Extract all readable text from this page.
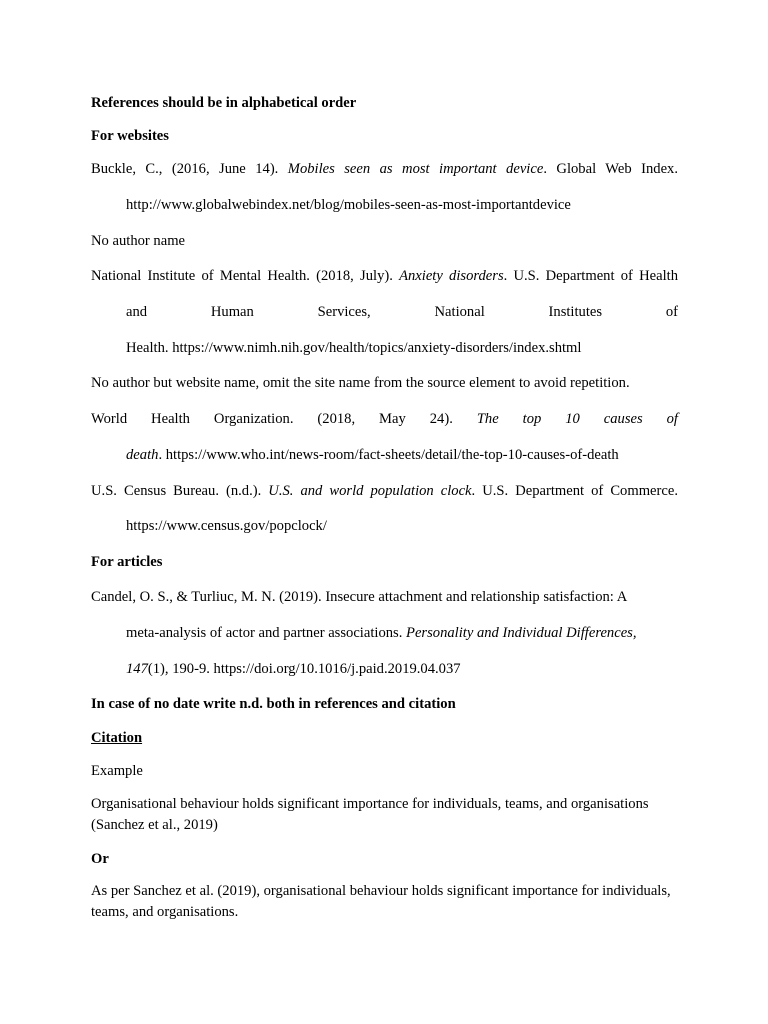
References should be in alphabetical order
For websites
Buckle, C., (2016, June 14). Mobiles seen as most important device. Global Web Index.
http://www.globalwebindex.net/blog/mobiles-seen-as-most-importantdevice
No author name
National Institute of Mental Health. (2018, July). Anxiety disorders. U.S. Department of Health
and Human Services, National Institutes of
Health. https://www.nimh.nih.gov/health/topics/anxiety-disorders/index.shtml
No author but website name, omit the site name from the source element to avoid repetition.
World Health Organization. (2018, May 24). The top 10 causes of
death. https://www.who.int/news-room/fact-sheets/detail/the-top-10-causes-of-death
U.S. Census Bureau. (n.d.). U.S. and world population clock. U.S. Department of Commerce.
https://www.census.gov/popclock/
For articles
Candel, O. S., & Turliuc, M. N. (2019). Insecure attachment and relationship satisfaction: A
meta-analysis of actor and partner associations. Personality and Individual Differences,
147(1), 190-9. https://doi.org/10.1016/j.paid.2019.04.037
In case of no date write n.d. both in references and citation
Citation
Example
Organisational behaviour holds significant importance for individuals, teams, and organisations (Sanchez et al., 2019)
Or
As per Sanchez et al. (2019), organisational behaviour holds significant importance for individuals, teams, and organisations.
